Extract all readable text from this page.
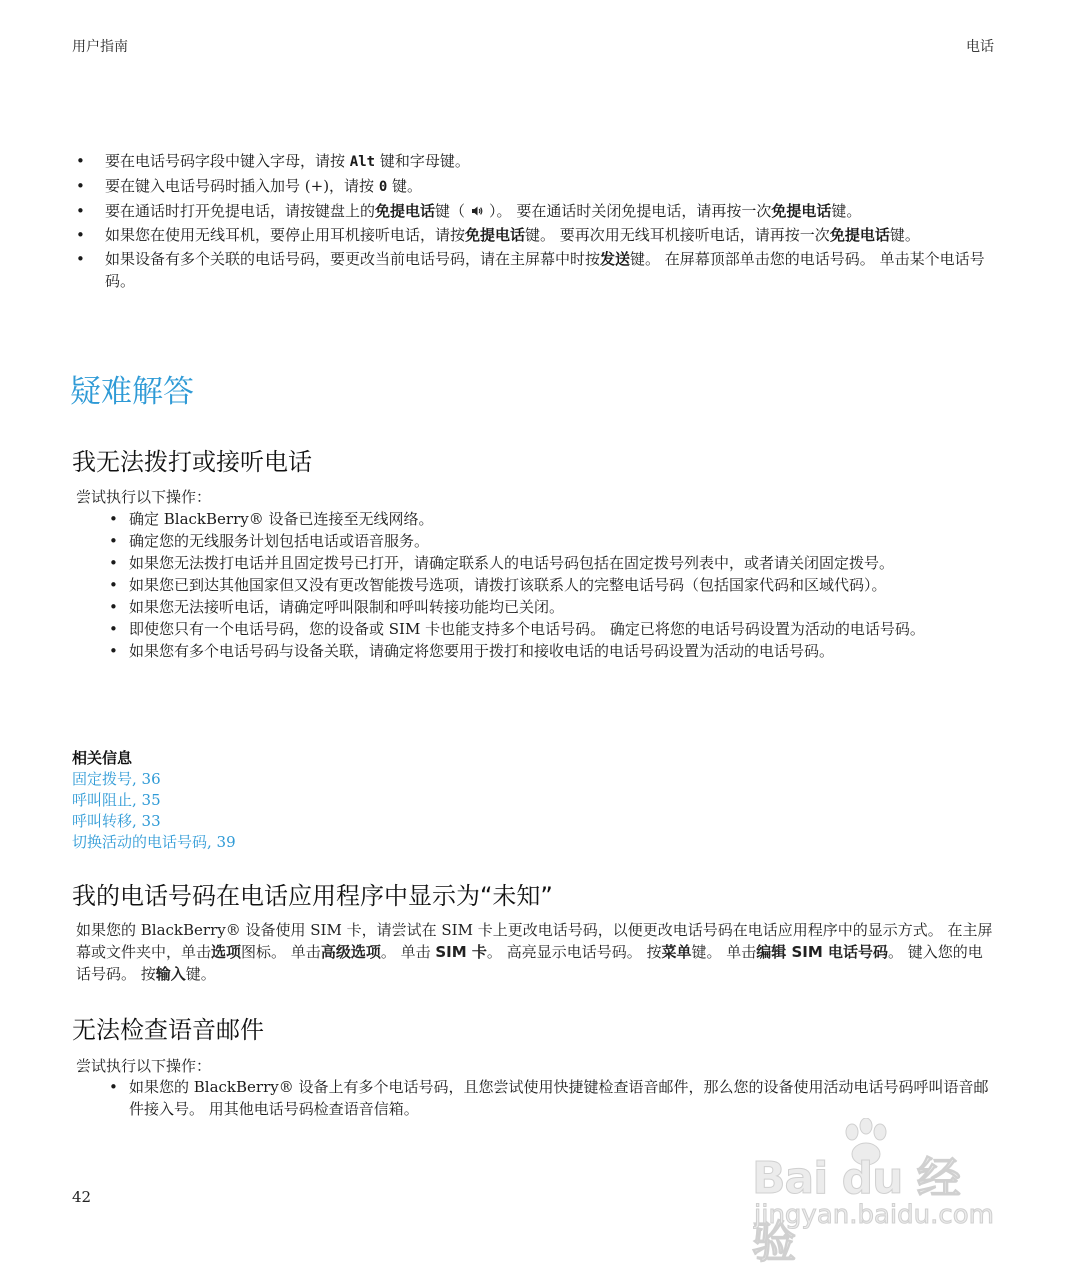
用户指南	电话
• 要在电话号码字段中键入字母，请按 Alt 键和字母键。
• 要在键入电话号码时插入加号 (+)，请按 0 键。
• 要在通话时打开免提电话，请按键盘上的免提电话键（ ）。 要在通话时关闭免提电话，请再按一次免提电话键。
• 如果您在使用无线耳机，要停止用耳机接听电话，请按免提电话键。 要再次用无线耳机接听电话，请再按一次免提电话键。
• 如果设备有多个关联的电话号码，要更改当前电话号码，请在主屏幕中时按发送键。 在屏幕顶部单击您的电话号码。 单击某个电话号码。
疑难解答
我无法拨打或接听电话

尝试执行以下操作：

• 确定 BlackBerry® 设备已连接至无线网络。
• 确定您的无线服务计划包括电话或语音服务。
• 如果您无法拨打电话并且固定拨号已打开，请确定联系人的电话号码包括在固定拨号列表中，或者请关闭固定拨号。
• 如果您已到达其他国家但又没有更改智能拨号选项，请拨打该联系人的完整电话号码（包括国家代码和区域代码）。
• 如果您无法接听电话，请确定呼叫限制和呼叫转接功能均已关闭。
• 即使您只有一个电话号码，您的设备或 SIM 卡也能支持多个电话号码。 确定已将您的电话号码设置为活动的电话号码。
• 如果您有多个电话号码与设备关联，请确定将您要用于拨打和接收电话的电话号码设置为活动的电话号码。

相关信息

固定拨号, 36
呼叫阻止, 35
呼叫转移, 33
切换活动的电话号码, 39
我的电话号码在电话应用程序中显示为“未知”

如果您的 BlackBerry® 设备使用 SIM 卡，请尝试在 SIM 卡上更改电话号码，以便更改电话号码在电话应用程序中的显示方式。 在主屏幕或文件夹中，单击选项图标。 单击高级选项。 单击 SIM 卡。 高亮显示电话号码。 按菜单键。 单击编辑 SIM 电话号码。 键入您的电话号码。 按输入键。

无法检查语音邮件

尝试执行以下操作：

• 如果您的 BlackBerry® 设备上有多个电话号码，且您尝试使用快捷键检查语音邮件，那么您的设备使用活动电话号码呼叫语音邮件接入号。 用其他电话号码检查语音信箱。
42	Bai du 经验
jingyan.baidu.com
